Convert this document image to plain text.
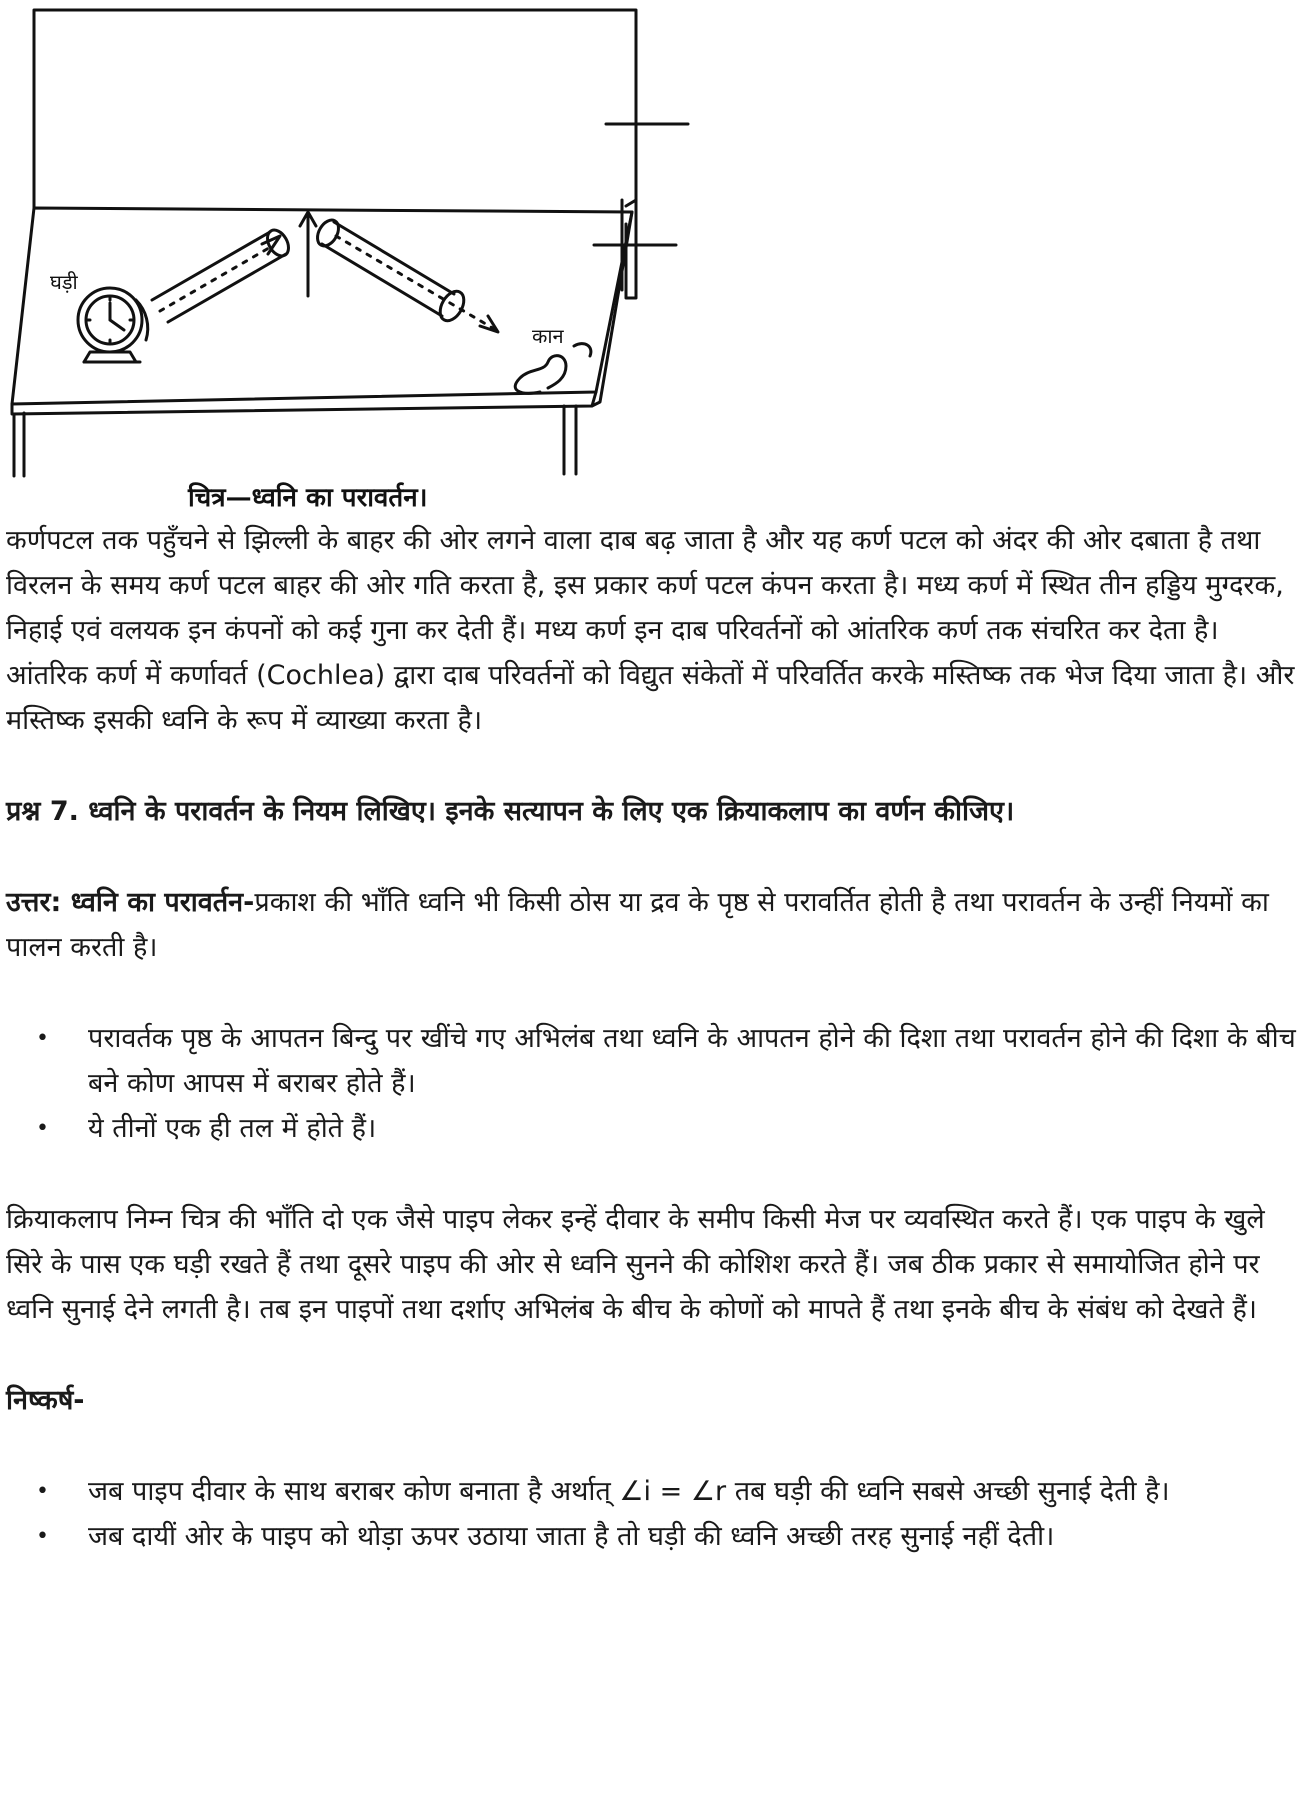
घड़ी
कान
चित्र—ध्वनि का परावर्तन।

कर्णपटल तक पहुँचने से झिल्ली के बाहर की ओर लगने वाला दाब बढ़ जाता है और यह कर्ण पटल को अंदर की ओर दबाता है तथा विरलन के समय कर्ण पटल बाहर की ओर गति करता है, इस प्रकार कर्ण पटल कंपन करता है। मध्य कर्ण में स्थित तीन हड्डिय मुग्दरक, निहाई एवं वलयक इन कंपनों को कई गुना कर देती हैं। मध्य कर्ण इन दाब परिवर्तनों को आंतरिक कर्ण तक संचरित कर देता है। आंतरिक कर्ण में कर्णावर्त (Cochlea) द्वारा दाब परिवर्तनों को विद्युत संकेतों में परिवर्तित करके मस्तिष्क तक भेज दिया जाता है। और मस्तिष्क इसकी ध्वनि के रूप में व्याख्या करता है।

प्रश्न 7. ध्वनि के परावर्तन के नियम लिखिए। इनके सत्यापन के लिए एक क्रियाकलाप का वर्णन कीजिए।

उत्तर: ध्वनि का परावर्तन-प्रकाश की भाँति ध्वनि भी किसी ठोस या द्रव के पृष्ठ से परावर्तित होती है तथा परावर्तन के उन्हीं नियमों का पालन करती है।

• परावर्तक पृष्ठ के आपतन बिन्दु पर खींचे गए अभिलंब तथा ध्वनि के आपतन होने की दिशा तथा परावर्तन होने की दिशा के बीच बने कोण आपस में बराबर होते हैं।
• ये तीनों एक ही तल में होते हैं।

क्रियाकलाप निम्न चित्र की भाँति दो एक जैसे पाइप लेकर इन्हें दीवार के समीप किसी मेज पर व्यवस्थित करते हैं। एक पाइप के खुले सिरे के पास एक घड़ी रखते हैं तथा दूसरे पाइप की ओर से ध्वनि सुनने की कोशिश करते हैं। जब ठीक प्रकार से समायोजित होने पर ध्वनि सुनाई देने लगती है। तब इन पाइपों तथा दर्शाए अभिलंब के बीच के कोणों को मापते हैं तथा इनके बीच के संबंध को देखते हैं।

निष्कर्ष-

• जब पाइप दीवार के साथ बराबर कोण बनाता है अर्थात् ∠i = ∠r तब घड़ी की ध्वनि सबसे अच्छी सुनाई देती है।
• जब दायीं ओर के पाइप को थोड़ा ऊपर उठाया जाता है तो घड़ी की ध्वनि अच्छी तरह सुनाई नहीं देती।
